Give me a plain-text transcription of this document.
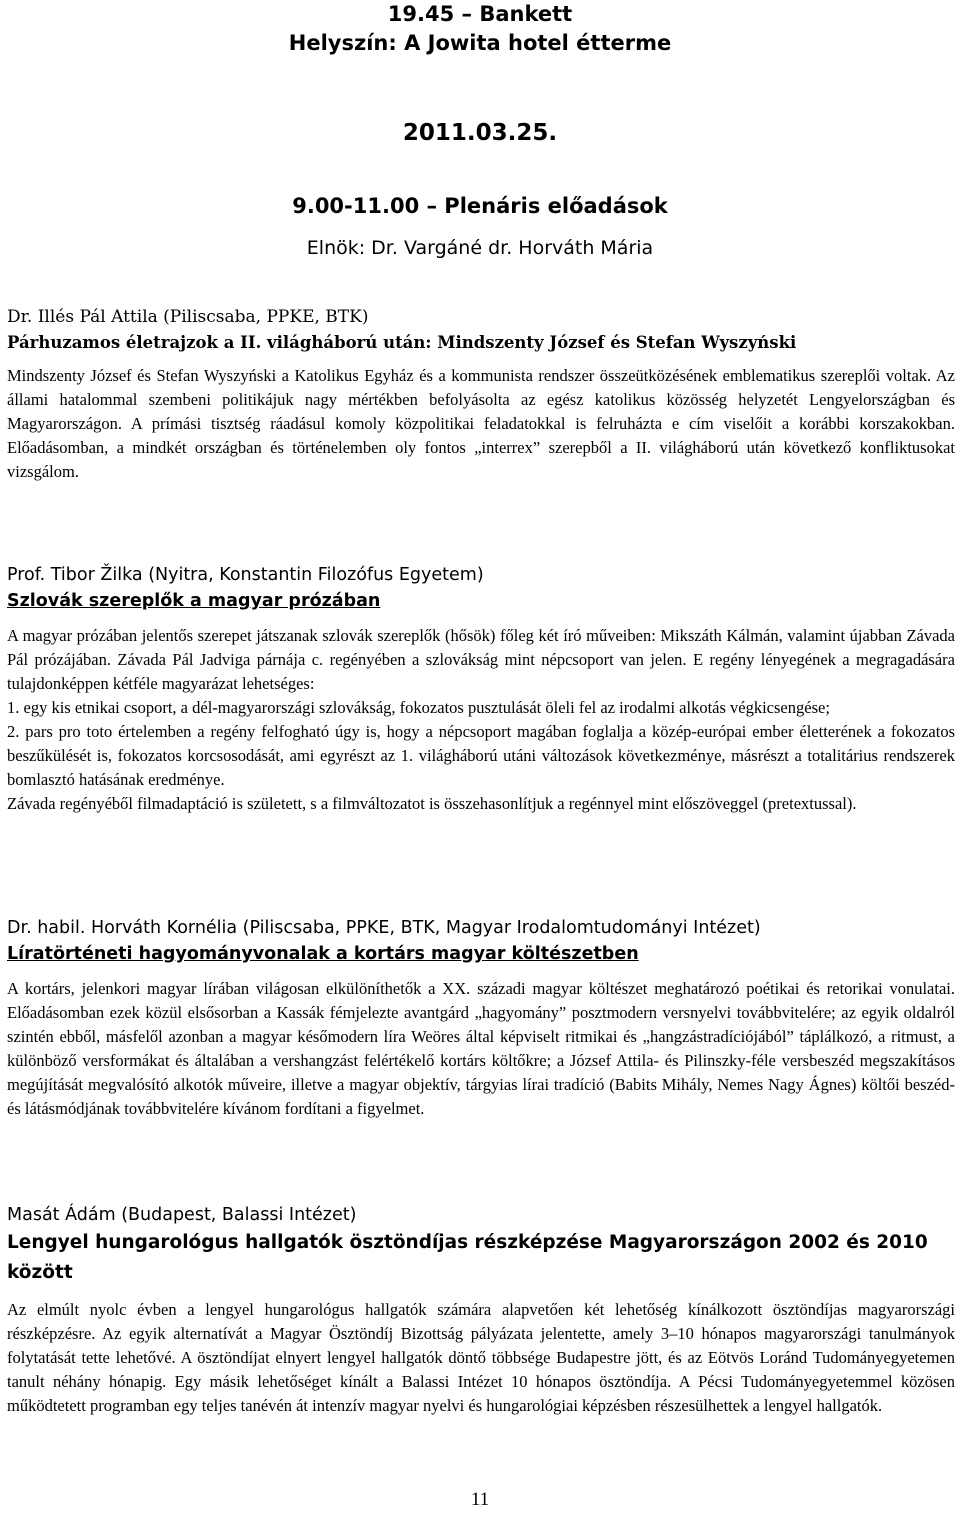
19.45 – Bankett

Helyszín: A Jowita hotel étterme

2011.03.25.

9.00-11.00 – Plenáris előadások

Elnök: Dr. Vargáné dr. Horváth Mária

Dr. Illés Pál Attila (Piliscsaba, PPKE, BTK)

Párhuzamos életrajzok a II. világháború után: Mindszenty József és Stefan Wyszyński

Mindszenty József és Stefan Wyszyński a Katolikus Egyház és a kommunista rendszer összeütközésének emblematikus szereplői voltak. Az állami hatalommal szembeni politikájuk nagy mértékben befolyásolta az egész katolikus közösség helyzetét Lengyelországban és Magyarországon. A prímási tisztség ráadásul komoly közpolitikai feladatokkal is felruházta e cím viselőit a korábbi korszakokban. Előadásomban, a mindkét országban és történelemben oly fontos „interrex” szerepből a II. világháború után következő konfliktusokat vizsgálom.

Prof. Tibor Žilka (Nyitra, Konstantin Filozófus Egyetem)

Szlovák szereplők a magyar prózában

A magyar prózában jelentős szerepet játszanak szlovák szereplők (hősök) főleg két író műveiben: Mikszáth Kálmán, valamint újabban Závada Pál prózájában. Závada Pál Jadviga párnája c. regényében a szlovákság mint népcsoport van jelen. E regény lényegének a megragadására tulajdonképpen kétféle magyarázat lehetséges:

1. egy kis etnikai csoport, a dél-magyarországi szlovákság, fokozatos pusztulását öleli fel az irodalmi alkotás végkicsengése;

2. pars pro toto értelemben a regény felfogható úgy is, hogy a népcsoport magában foglalja a közép-európai ember életterének a fokozatos beszűkülését is, fokozatos korcsosodását, ami egyrészt az 1. világháború utáni változások következménye, másrészt a totalitárius rendszerek bomlasztó hatásának eredménye.

Závada regényéből filmadaptáció is született, s a filmváltozatot is összehasonlítjuk a regénnyel mint előszöveggel (pretextussal).

Dr. habil. Horváth Kornélia (Piliscsaba, PPKE, BTK, Magyar Irodalomtudományi Intézet)

Líratörténeti hagyományvonalak a kortárs magyar költészetben

A kortárs, jelenkori magyar lírában világosan elkülöníthetők a XX. századi magyar költészet meghatározó poétikai és retorikai vonulatai. Előadásomban ezek közül elsősorban a Kassák fémjelezte avantgárd „hagyomány” posztmodern versnyelvi továbbvitelére; az egyik oldalról szintén ebből, másfelől azonban a magyar későmodern líra Weöres által képviselt ritmikai és „hangzástradíciójából” táplálkozó, a ritmust, a különböző versformákat és általában a vershangzást felértékelő kortárs költőkre; a József Attila- és Pilinszky-féle versbeszéd megszakításos megújítását megvalósító alkotók műveire, illetve a magyar objektív, tárgyias lírai tradíció (Babits Mihály, Nemes Nagy Ágnes) költői beszéd- és látásmódjának továbbvitelére kívánom fordítani a figyelmet.

Masát Ádám (Budapest, Balassi Intézet)

Lengyel hungarológus hallgatók ösztöndíjas részképzése Magyarországon 2002 és 2010 között

Az elmúlt nyolc évben a lengyel hungarológus hallgatók számára alapvetően két lehetőség kínálkozott ösztöndíjas magyarországi részképzésre. Az egyik alternatívát a Magyar Ösztöndíj Bizottság pályázata jelentette, amely 3–10 hónapos magyarországi tanulmányok folytatását tette lehetővé. A ösztöndíjat elnyert lengyel hallgatók döntő többsége Budapestre jött, és az Eötvös Loránd Tudományegyetemen tanult néhány hónapig. Egy másik lehetőséget kínált a Balassi Intézet 10 hónapos ösztöndíja. A Pécsi Tudományegyetemmel közösen működtetett programban egy teljes tanévén át intenzív magyar nyelvi és hungarológiai képzésben részesülhettek a lengyel hallgatók.

11
